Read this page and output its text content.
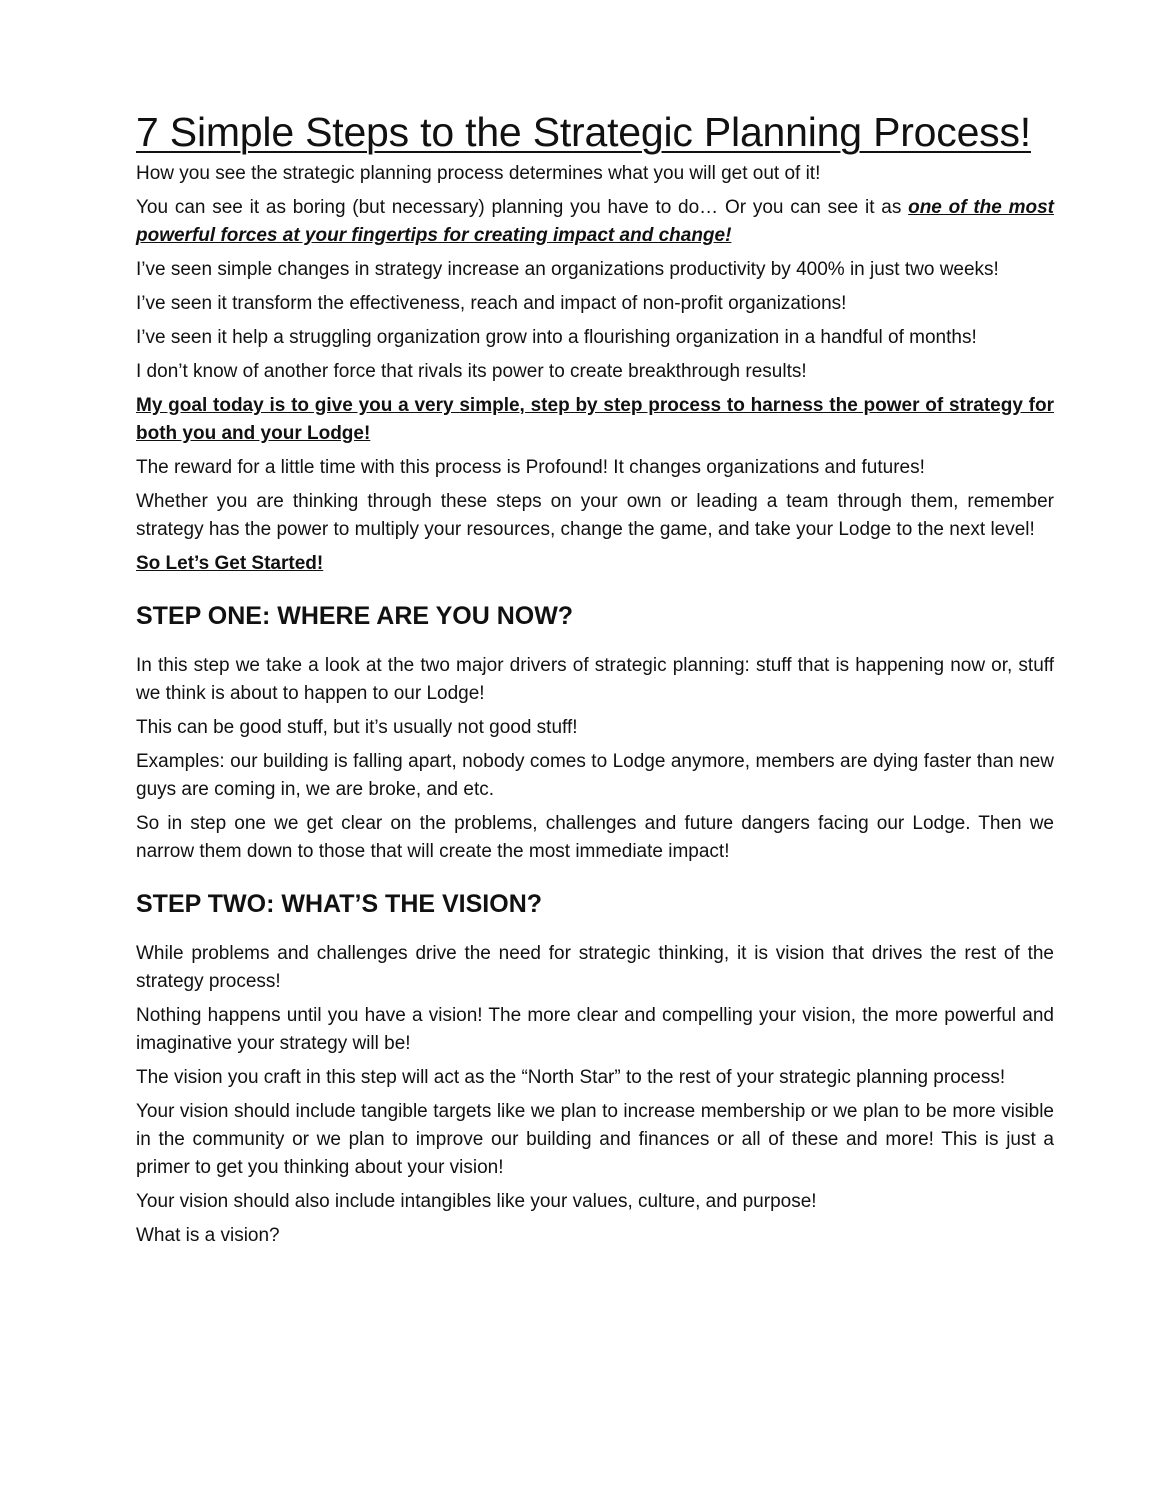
7 Simple Steps to the Strategic Planning Process!

How you see the strategic planning process determines what you will get out of it!

You can see it as boring (but necessary) planning you have to do… Or you can see it as one of the most powerful forces at your fingertips for creating impact and change!

I’ve seen simple changes in strategy increase an organizations productivity by 400% in just two weeks!

I’ve seen it transform the effectiveness, reach and impact of non-profit organizations!

I’ve seen it help a struggling organization grow into a flourishing organization in a handful of months!

I don’t know of another force that rivals its power to create breakthrough results!

My goal today is to give you a very simple, step by step process to harness the power of strategy for both you and your Lodge!

The reward for a little time with this process is Profound! It changes organizations and futures!

Whether you are thinking through these steps on your own or leading a team through them, remember strategy has the power to multiply your resources, change the game, and take your Lodge to the next level!

So Let’s Get Started!

STEP ONE: WHERE ARE YOU NOW?

In this step we take a look at the two major drivers of strategic planning: stuff that is happening now or, stuff we think is about to happen to our Lodge!

This can be good stuff, but it’s usually not good stuff!

Examples: our building is falling apart, nobody comes to Lodge anymore, members are dying faster than new guys are coming in, we are broke, and etc.

So in step one we get clear on the problems, challenges and future dangers facing our Lodge. Then we narrow them down to those that will create the most immediate impact!

STEP TWO: WHAT’S THE VISION?

While problems and challenges drive the need for strategic thinking, it is vision that drives the rest of the strategy process!

Nothing happens until you have a vision! The more clear and compelling your vision, the more powerful and imaginative your strategy will be!

The vision you craft in this step will act as the “North Star” to the rest of your strategic planning process!

Your vision should include tangible targets like we plan to increase membership or we plan to be more visible in the community or we plan to improve our building and finances or all of these and more! This is just a primer to get you thinking about your vision!

Your vision should also include intangibles like your values, culture, and purpose!

What is a vision?
